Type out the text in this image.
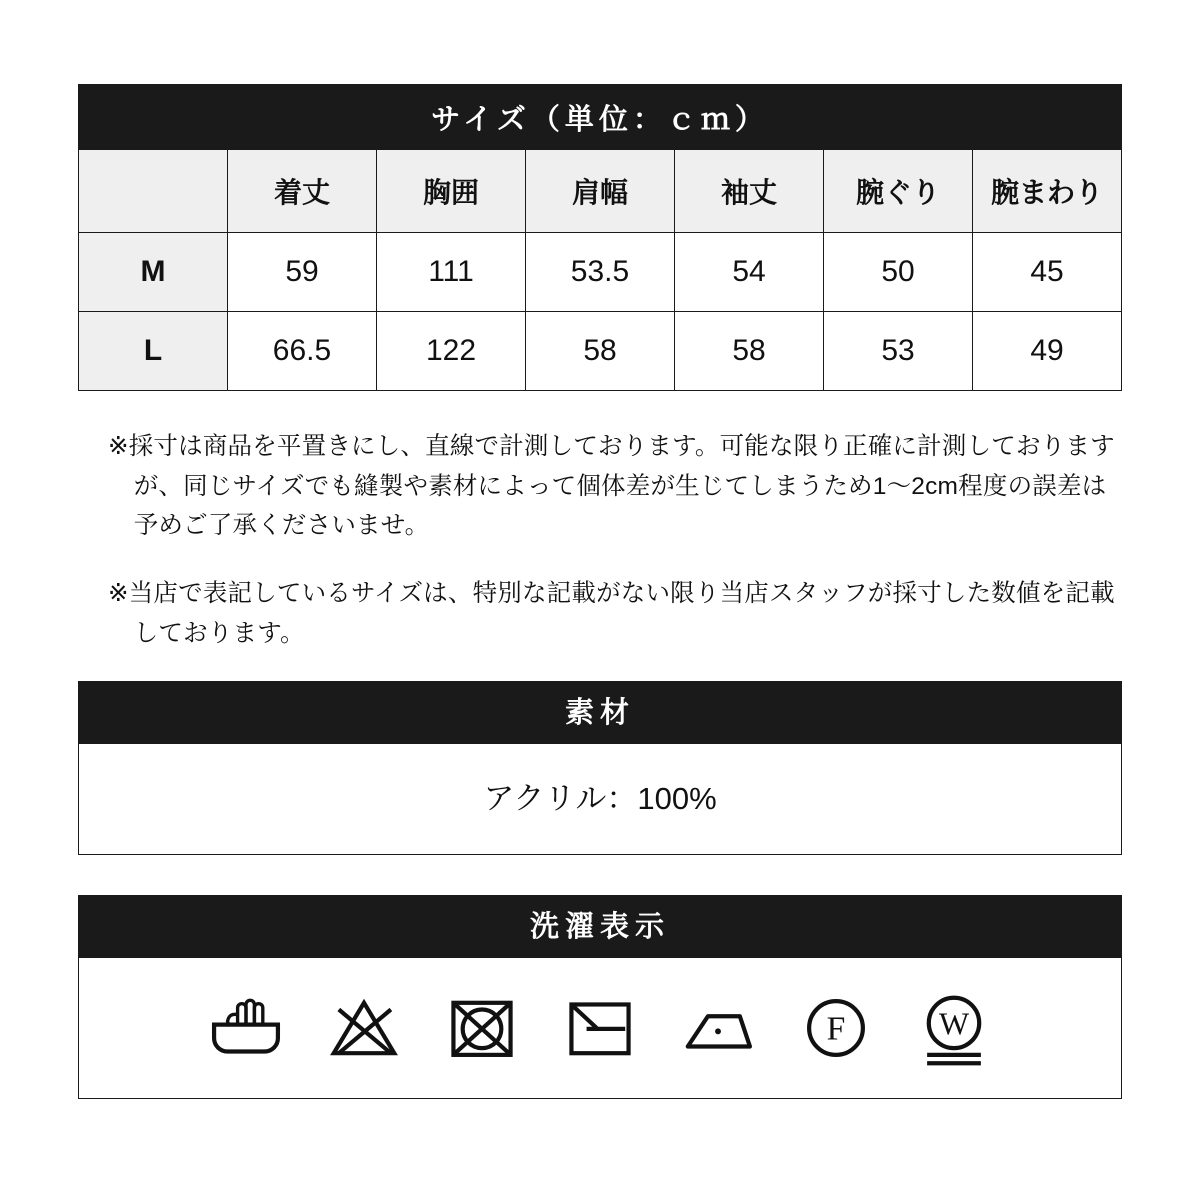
サイズ（単位：ｃｍ）						
	着丈	胸囲	肩幅	袖丈	腕ぐり	腕まわり
M	59	111	53.5	54	50	45
L	66.5	122	58	58	53	49
※採寸は商品を平置きにし、直線で計測しております。可能な限り正確に計測しておりますが、同じサイズでも縫製や素材によって個体差が生じてしまうため1～2cm程度の誤差は予めご了承くださいませ。
※当店で表記しているサイズは、特別な記載がない限り当店スタッフが採寸した数値を記載しております。
素材
アクリル：100%
洗濯表示
F W
